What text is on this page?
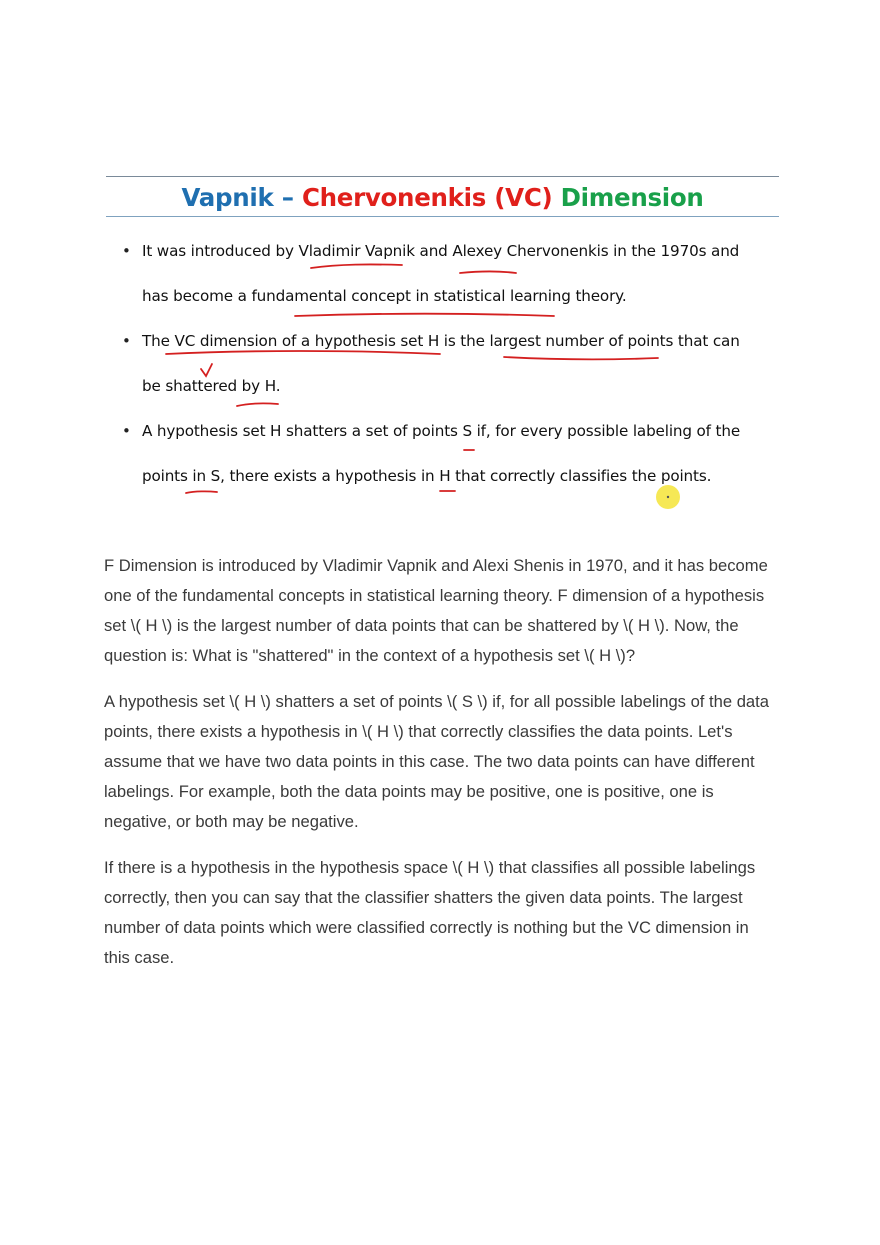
Vapnik – Chervonenkis (VC) Dimension
• It was introduced by Vladimir Vapnik and Alexey Chervonenkis in the 1970s and
has become a fundamental concept in statistical learning theory.
• The VC dimension of a hypothesis set H is the largest number of points that can
be shattered by H.
• A hypothesis set H shatters a set of points S if, for every possible labeling of the
points in S, there exists a hypothesis in H that correctly classifies the points.

F Dimension is introduced by Vladimir Vapnik and Alexi Shenis in 1970, and it has become one of the fundamental concepts in statistical learning theory. F dimension of a hypothesis set \( H \) is the largest number of data points that can be shattered by \( H \). Now, the question is: What is "shattered" in the context of a hypothesis set \( H \)?

A hypothesis set \( H \) shatters a set of points \( S \) if, for all possible labelings of the data points, there exists a hypothesis in \( H \) that correctly classifies the data points. Let's assume that we have two data points in this case. The two data points can have different labelings. For example, both the data points may be positive, one is positive, one is negative, or both may be negative.

If there is a hypothesis in the hypothesis space \( H \) that classifies all possible labelings correctly, then you can say that the classifier shatters the given data points. The largest number of data points which were classified correctly is nothing but the VC dimension in this case.
